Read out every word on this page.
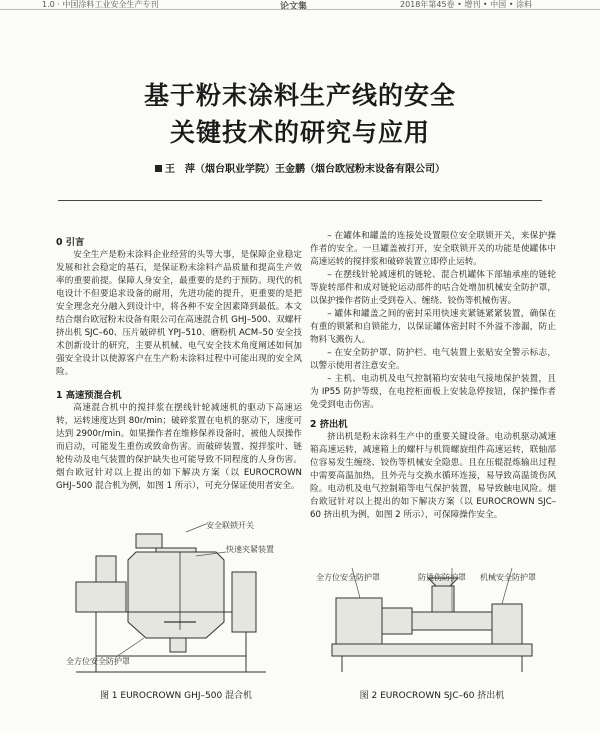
1.0 · 中国涂料工业安全生产专刊	论文集	2018年第45卷 • 增刊 • 中国 • 涂料
基于粉末涂料生产线的安全
关键技术的研究与应用
王　萍（烟台职业学院）王金鹏（烟台欧冠粉末设备有限公司）
0 引言

安全生产是粉末涂料企业经营的头等大事，是保障企业稳定发展和社会稳定的基石，是保证粉末涂料产品质量和提高生产效率的重要前提。保障人身安全，最重要的是约于预防。现代的机电设计不但要追求设备的耐用，先进功能的提升，更重要的是把安全理念充分融入到设计中，将各种不安全因素降到最低。本文结合烟台欧冠粉末设备有限公司在高速混合机 GHJ–500、双螺杆挤出机 SJC–60、压片破碎机 YPJ–510、磨粉机 ACM–50 安全技术创新设计的研究，主要从机械、电气安全技术角度阐述如何加强安全设计以使源客户在生产粉末涂料过程中可能出现的安全风险。

1 高速预混合机

高速混合机中的搅拌浆在摆线针轮减速机的驱动下高速运转，运转速度达到 80r/min；破碎浆置在电机的驱动下，速度可达到 2900r/min。如果操作者在维修保养设备时，被他人误操作而启动，可能发生重伤或致命伤害。而破碎装置、搅拌浆叶、链轮传动及电气装置的保护缺失也可能导致不同程度的人身伤害。烟台欧冠针对以上提出的如下解决方案（以 EUROCROWN GHJ–500 混合机为例，如图 1 所示），可充分保证使用者安全。

– 在罐体和罐盖的连接处设置限位安全联锁开关，来保护操作者的安全。一旦罐盖被打开，安全联锁开关的功能是使罐体中高速运转的搅拌浆和破碎装置立即停止运转。

– 在摆线针轮减速机的链轮、混合机罐体下部轴承座的链轮等旋转部件和成对链轮运动部件的咕合处增加机械安全防护罩，以保护操作者防止受到卷入、缠绕、铰伤等机械伤害。

– 罐体和罐盖之间的密封采用快速夹紧链紧紧装置，确保在有重的锁紧和自锁能力，以保证罐体密封时不外溢不渗漏，防止物料飞溅伤人。

– 在安全防护罩、防护栏、电气装置上张贴安全警示标志，以警示使用者注意安全。

– 主机、电动机及电气控制箱均安装电气接地保护装置，且为 IP55 防护等级，在电控柜面板上安装急停按钮，保护操作者免受到电击伤害。

2 挤出机

挤出机是粉末涂料生产中的重要关键设备。电动机驱动减速箱高速运转，减速箱上的螺杆与机筒螺旋组件高速运转，联轴部位容易发生缠绕、铰伤等机械安全隐患。且在压辊混炼输出过程中需要高温加热，且外壳与交换水循环连接，易导致高温烫伤风险。电动机及电气控制箱等电气保护装置，易导致触电风险。烟台欧冠针对以上提出的如下解决方案（以 EUROCROWN SJC–60 挤出机为例，如图 2 所示），可保障操作安全。

安全联锁开关
快速夹紧装置
全方位安全防护罩
图 1 EUROCROWN GHJ–500 混合机
全方位安全防护罩	防烫伤防护罩 机械安全防护罩
图 2 EUROCROWN SJC–60 挤出机
